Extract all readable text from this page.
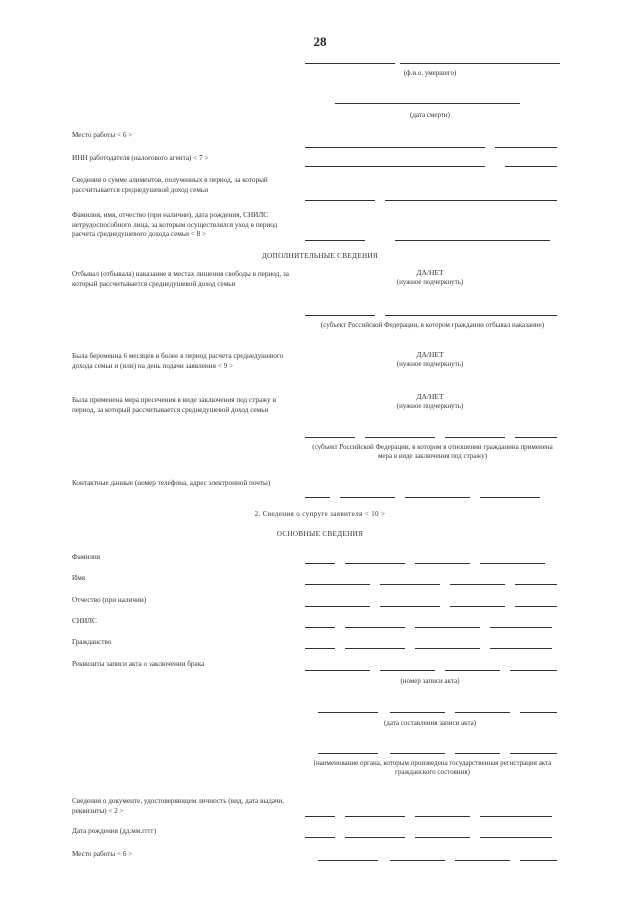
28
(ф.и.о. умершего)
(дата смерти)
Место работы < 6 >
ИНН работодателя (налогового агента) < 7 >
Сведения о сумме алиментов, полученных в период, за который рассчитывается среднедушевой доход семьи
Фамилия, имя, отчество (при наличии), дата рождения, СНИЛС нетрудоспособного лица, за которым осуществлялся уход в период расчета среднедушевого дохода семьи < 8 >
ДОПОЛНИТЕЛЬНЫЕ СВЕДЕНИЯ
Отбывал (отбывала) наказание в местах лишения свободы в период, за который рассчитывается среднедушевой доход семьи
ДА/НЕТ
(нужное подчеркнуть)
(субъект Российской Федерации, в котором гражданин отбывал наказание)
Была беременна 6 месяцев и более в период расчета среднедушевого дохода семьи и (или) на день подачи заявления < 9 >
ДА/НЕТ
(нужное подчеркнуть)
Была применена мера пресечения в виде заключения под стражу в период, за который рассчитывается среднедушевой доход семьи
ДА/НЕТ
(нужное подчеркнуть)
(субъект Российской Федерации, в котором в отношении гражданина применена мера в виде заключения под стражу)
Контактные данные (номер телефона, адрес электронной почты)
2. Сведения о супруге заявителя < 10 >
ОСНОВНЫЕ СВЕДЕНИЯ
Фамилия
Имя
Отчество (при наличии)
СНИЛС
Гражданство
Реквизиты записи акта о заключении брака
(номер записи акта)
(дата составления записи акта)
(наименование органа, которым произведена государственная регистрация акта гражданского состояния)
Сведения о документе, удостоверяющем личность (вид, дата выдачи, реквизиты) < 2 >
Дата рождения (дд.мм.гггг)
Место работы < 6 >
